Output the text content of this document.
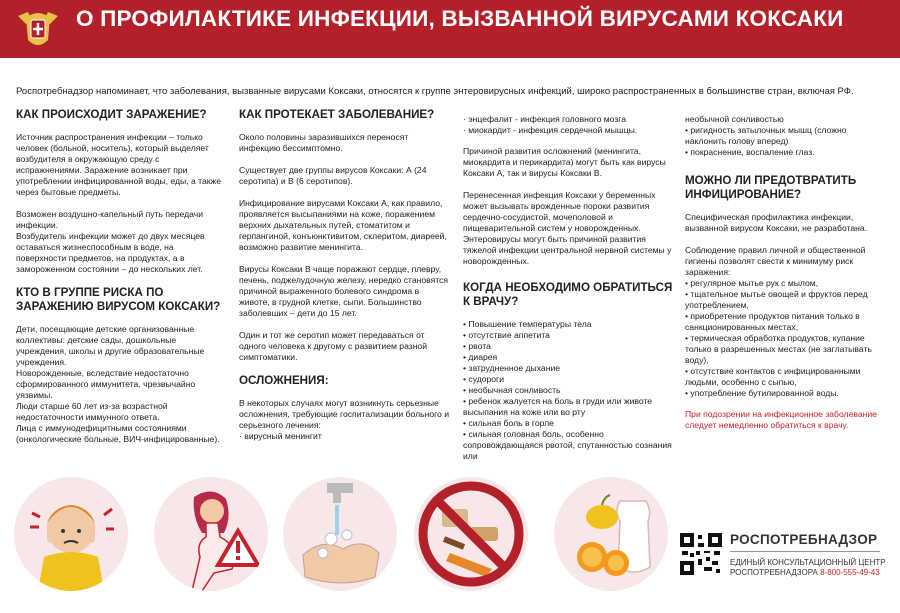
О ПРОФИЛАКТИКЕ ИНФЕКЦИИ, ВЫЗВАННОЙ ВИРУСАМИ КОКСАКИ
Роспотребнадзор напоминает, что заболевания, вызванные вирусами Коксаки, относятся к группе энтеровирусных инфекций, широко распространенных в большинстве стран, включая РФ.
КАК ПРОИСХОДИТ ЗАРАЖЕНИЕ?

Источник распространения инфекции – только человек (больной, носитель), который выделяет возбудителя в окружающую среду с испражнениями. Заражение возникает при употреблении инфицированной воды, еды, а также через бытовые предметы.

Возможен воздушно-капельный путь передачи инфекции.

Возбудитель инфекции может до двух месяцев оставаться жизнеспособным в воде, на поверхности предметов, на продуктах, а в замороженном состоянии – до нескольких лет.

КТО В ГРУППЕ РИСКА ПО ЗАРАЖЕНИЮ ВИРУСОМ КОКСАКИ?

Дети, посещающие детские организованные коллективы: детские сады, дошкольные учреждения, школы и другие образовательные учреждения.

Новорожденные, вследствие недостаточно сформированного иммунитета, чрезвычайно уязвимы.

Люди старше 60 лет из-за возрастной недостаточности иммунного ответа.

Лица с иммунодефицитными состояниями (онкологические больные, ВИЧ-инфицированные).

КАК ПРОТЕКАЕТ ЗАБОЛЕВАНИЕ?

Около половины заразившихся переносят инфекцию бессимптомно.

Существует две группы вирусов Коксаки: А (24 серотипа) и В (6 серотипов).

Инфицирование вирусами Коксаки А, как правило, проявляется высыпаниями на коже, поражением верхних дыхательных путей, стоматитом и герпангиной, конъюнктивитом, склеритом, диареей, возможно развитие менингита.

Вирусы Коксаки В чаще поражают сердце, плевру, печень, поджелудочную железу, нередко становятся причиной выраженного болевого синдрома в животе, в грудной клетке, сыпи. Большинство заболевших – дети до 15 лет.

Один и тот же серотип может передаваться от одного человека к другому с развитием разной симптоматики.

ОСЛОЖНЕНИЯ:

В некоторых случаях могут возникнуть серьезные осложнения, требующие госпитализации больного и серьезного лечения:

· вирусный менингит

· энцефалит - инфекция головного мозга
· миокардит - инфекция сердечной мышцы.

Причиной развития осложнений (менингита, миокардита и перикардита) могут быть как вирусы Коксаки А, так и вирусы Коксаки В.

Перенесенная инфекция Коксаки у беременных может вызывать врожденные пороки развития сердечно-сосудистой, мочеполовой и пищеварительной систем у новорожденных. Энтеровирусы могут быть причиной развития тяжелой инфекции центральной нервной системы у новорожденных.

КОГДА НЕОБХОДИМО ОБРАТИТЬСЯ К ВРАЧУ?
• Повышение температуры тела
• отсутствие аппетита
• рвота
• диарея
• затрудненное дыхание
• судороги
• необычная сонливость
• ребенок жалуется на боль в груди или животе
высыпания на коже или во рту
• сильная боль в горле
• сильная головная боль, особенно сопровождающаяся рвотой, спутанностью сознания или
необычной сонливостью
• ригидность затылочных мышц (сложно наклонить голову вперед)
• покраснение, воспаление глаз.
МОЖНО ЛИ ПРЕДОТВРАТИТЬ ИНФИЦИРОВАНИЕ?

Специфическая профилактика инфекции, вызванной вирусом Коксаки, не разработана.

Соблюдение правил личной и общественной гигиены позволят свести к минимуму риск заражения:

• регулярное мытье рук с мылом,
• тщательное мытье овощей и фруктов перед употреблением,
• приобретение продуктов питания только в санкционированных местах,
• термическая обработка продуктов, купание только в разрешенных местах (не заглатывать воду),
• отсутствие контактов с инфицированными людьми, особенно с сыпью,
• употребление бутилированной воды.

При подозрении на инфекционное заболевание следует немедленно обратиться к врачу.

РОСПОТРЕБНАДЗОР
ЕДИНЫЙ КОНСУЛЬТАЦИОННЫЙ ЦЕНТР
РОСПОТРЕБНАДЗОРА 8-800-555-49-43
